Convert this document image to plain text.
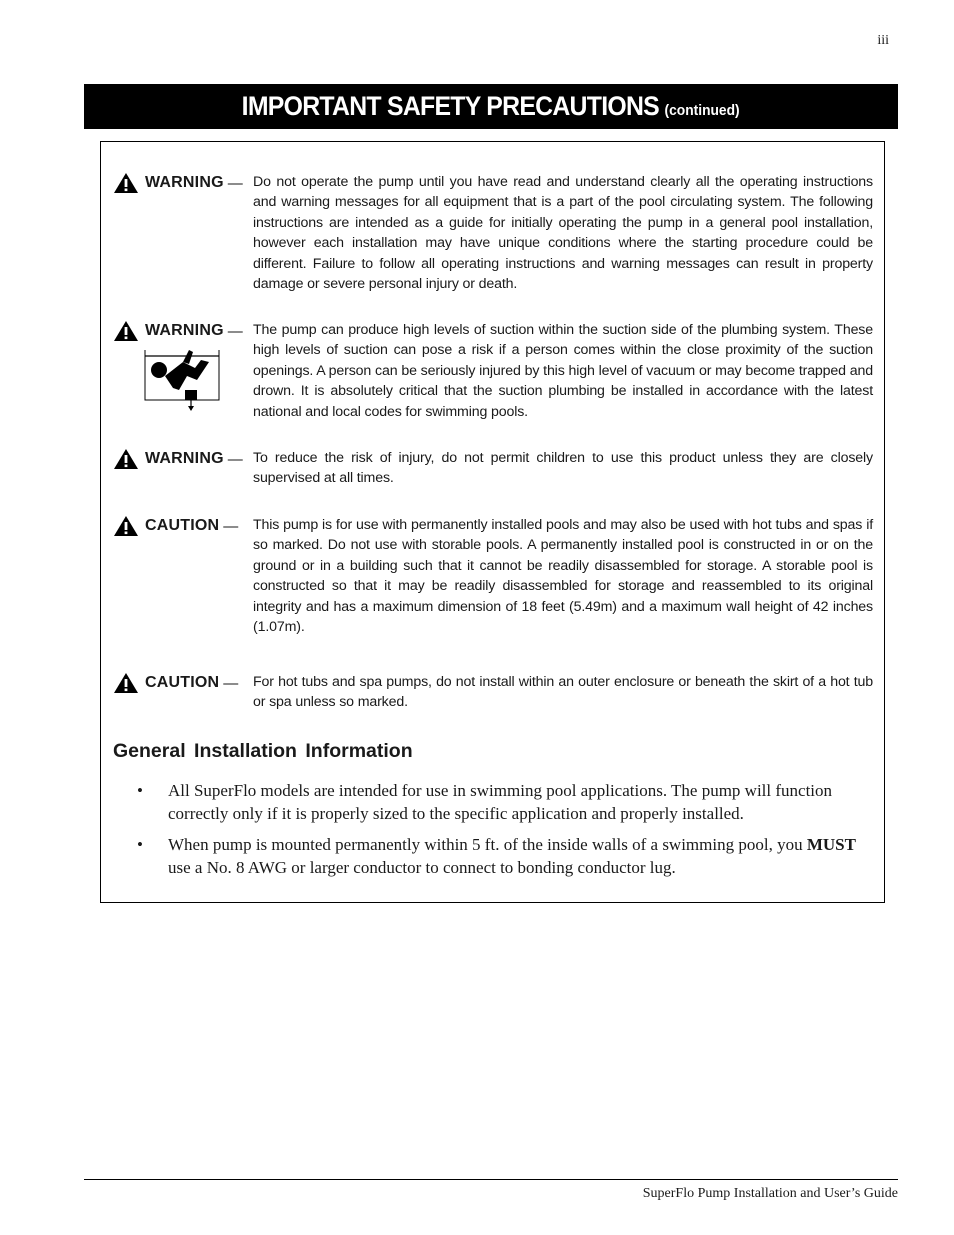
iii
IMPORTANT SAFETY PRECAUTIONS (continued)
WARNING — Do not operate the pump until you have read and understand clearly all the operating instructions and warning messages for all equipment that is a part of the pool circulating system. The following instructions are intended as a guide for initially operating the pump in a general pool installation, however each installation may have unique conditions where the starting procedure could be different. Failure to follow all operating instructions and warning messages can result in property damage or severe personal injury or death.
WARNING — The pump can produce high levels of suction within the suction side of the plumbing system. These high levels of suction can pose a risk if a person comes within the close proximity of the suction openings. A person can be seriously injured by this high level of vacuum or may become trapped and drown. It is absolutely critical that the suction plumbing be installed in accordance with the latest national and local codes for swimming pools.
WARNING — To reduce the risk of injury, do not permit children to use this product unless they are closely supervised at all times.
CAUTION — This pump is for use with permanently installed pools and may also be used with hot tubs and spas if so marked. Do not use with storable pools. A permanently installed pool is constructed in or on the ground or in a building such that it cannot be readily disassembled for storage. A storable pool is constructed so that it may be readily disassembled for storage and reassembled to its original integrity and has a maximum dimension of 18 feet (5.49m) and a maximum wall height of 42 inches (1.07m).
CAUTION — For hot tubs and spa pumps, do not install within an outer enclosure or beneath the skirt of a hot tub or spa unless so marked.
General Installation Information
•	All SuperFlo models are intended for use in swimming pool applications. The pump will function correctly only if it is properly sized to the specific application and properly installed.
•	When pump is mounted permanently within 5 ft. of the inside walls of a swimming pool, you MUST use a No. 8 AWG or larger conductor to connect to bonding conductor lug.
SuperFlo Pump Installation and User’s Guide
